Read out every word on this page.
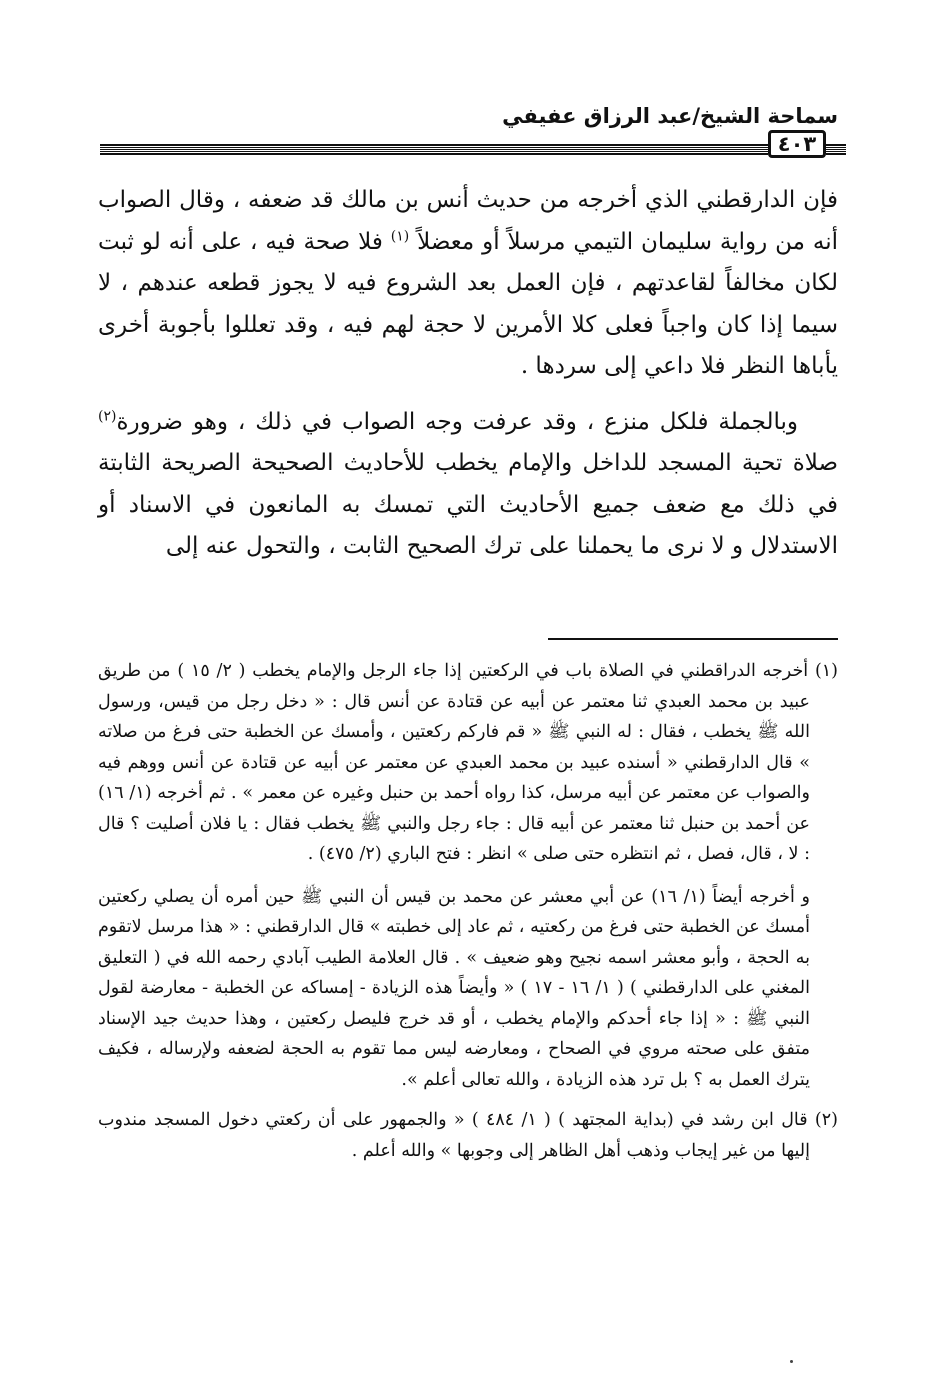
سماحة الشيخ/عبد الرزاق عفيفي
٤٠٣

فإن الدارقطني الذي أخرجه من حديث أنس بن مالك قد ضعفه ، وقال الصواب أنه من رواية سليمان التيمي مرسلاً أو معضلاً $^{(١)}$ فلا صحة فيه ، على أنه لو ثبت لكان مخالفاً لقاعدتهم ، فإن العمل بعد الشروع فيه لا يجوز قطعه عندهم ، لا سيما إذا كان واجباً فعلى كلا الأمرين لا حجة لهم فيه ، وقد تعللوا بأجوبة أخرى يأباها النظر فلا داعي إلى سردها .

وبالجملة فلكل منزع ، وقد عرفت وجه الصواب في ذلك ، وهو ضرورة$^{(٢)}$ صلاة تحية المسجد للداخل والإمام يخطب للأحاديث الصحيحة الصريحة الثابتة في ذلك مع ضعف جميع الأحاديث التي تمسك به المانعون في الاسناد أو الاستدلال و لا نرى ما يحملنا على ترك الصحيح الثابت ، والتحول عنه إلى

(١) أخرجه الدراقطني في الصلاة باب في الركعتين إذا جاء الرجل والإمام يخطب ( ٢/ ١٥ ) من طريق عبيد بن محمد العبدي ثنا معتمر عن أبيه عن قتادة عن أنس قال : « دخل رجل من قيس، ورسول الله ﷺ يخطب ، فقال : له النبي ﷺ « قم فاركم ركعتين ، وأمسك عن الخطبة حتى فرغ من صلاته » قال الدارقطني « أسنده عبيد بن محمد العبدي عن معتمر عن أبيه عن قتادة عن أنس ووهم فيه والصواب عن معتمر عن أبيه مرسل، كذا رواه أحمد بن حنبل وغيره عن معمر » . ثم أخرجه (١/ ١٦) عن أحمد بن حنبل ثنا معتمر عن أبيه قال : جاء رجل والنبي ﷺ يخطب فقال : يا فلان أصليت ؟ قال : لا ، قال، فصل ، ثم انتظره حتى صلى » انظر : فتح الباري (٢/ ٤٧٥) .
و أخرجه أيضاً (١/ ١٦) عن أبي معشر عن محمد بن قيس أن النبي ﷺ حين أمره أن يصلي ركعتين أمسك عن الخطبة حتى فرغ من ركعتيه ، ثم عاد إلى خطبته » قال الدارقطني : « هذا مرسل لاتقوم به الحجة ، وأبو معشر اسمه نجيح وهو ضعيف » . قال العلامة الطيب آبادي رحمه الله في ( التعليق المغني على الدارقطني ) ( ١/ ١٦ - ١٧ ) « وأيضاً هذه الزيادة - إمساكه عن الخطبة - معارضة لقول النبي ﷺ : « إذا جاء أحدكم والإمام يخطب ، أو قد خرج فليصل ركعتين ، وهذا حديث جيد الإسناد متفق على صحته مروي في الصحاح ، ومعارضه ليس مما تقوم به الحجة لضعفه ولإرساله ، فكيف يترك العمل به ؟ بل ترد هذه الزيادة ، والله تعالى أعلم ».
(٢) قال ابن رشد في (بداية المجتهد ) ( ١/ ٤٨٤ ) « والجمهور على أن ركعتي دخول المسجد مندوب إليها من غير إيجاب وذهب أهل الظاهر إلى وجوبها » والله أعلم .
